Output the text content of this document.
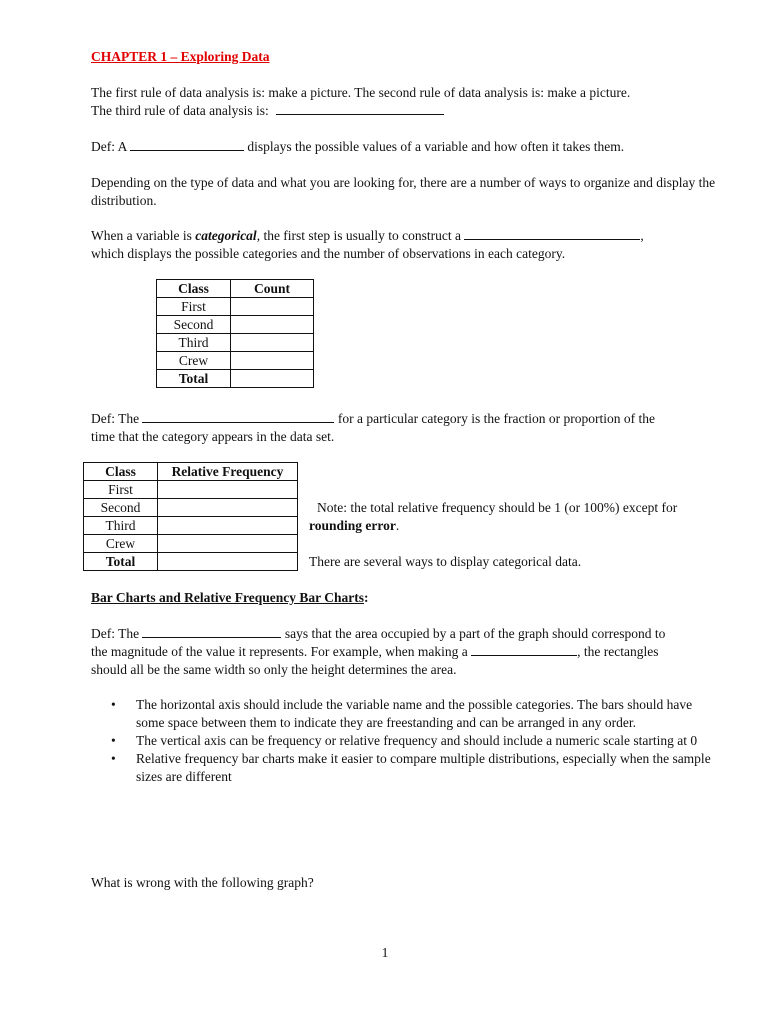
CHAPTER 1 – Exploring Data
The first rule of data analysis is: make a picture. The second rule of data analysis is: make a picture.
The third rule of data analysis is:
Def: A	displays the possible values of a variable and how often it takes them.
Depending on the type of data and what you are looking for, there are a number of ways to organize and display the distribution.
When a variable is categorical, the first step is usually to construct a	,
which displays the possible categories and the number of observations in each category.
Class	Count
First	
Second	
Third	
Crew	
Total	
Def: The	for a particular category is the fraction or proportion of the
time that the category appears in the data set.
Class	Relative Frequency
First	
Second	
Third	
Crew	
Total	
Note: the total relative frequency should be 1 (or 100%) except for
rounding error.
There are several ways to display categorical data.
Bar Charts and Relative Frequency Bar Charts:
Def: The	says that the area occupied by a part of the graph should correspond to
the magnitude of the value it represents. For example, when making a	, the rectangles
should all be the same width so only the height determines the area.
• The horizontal axis should include the variable name and the possible categories. The bars should have some space between them to indicate they are freestanding and can be arranged in any order.
• The vertical axis can be frequency or relative frequency and should include a numeric scale starting at 0
• Relative frequency bar charts make it easier to compare multiple distributions, especially when the sample sizes are different
What is wrong with the following graph?
1
